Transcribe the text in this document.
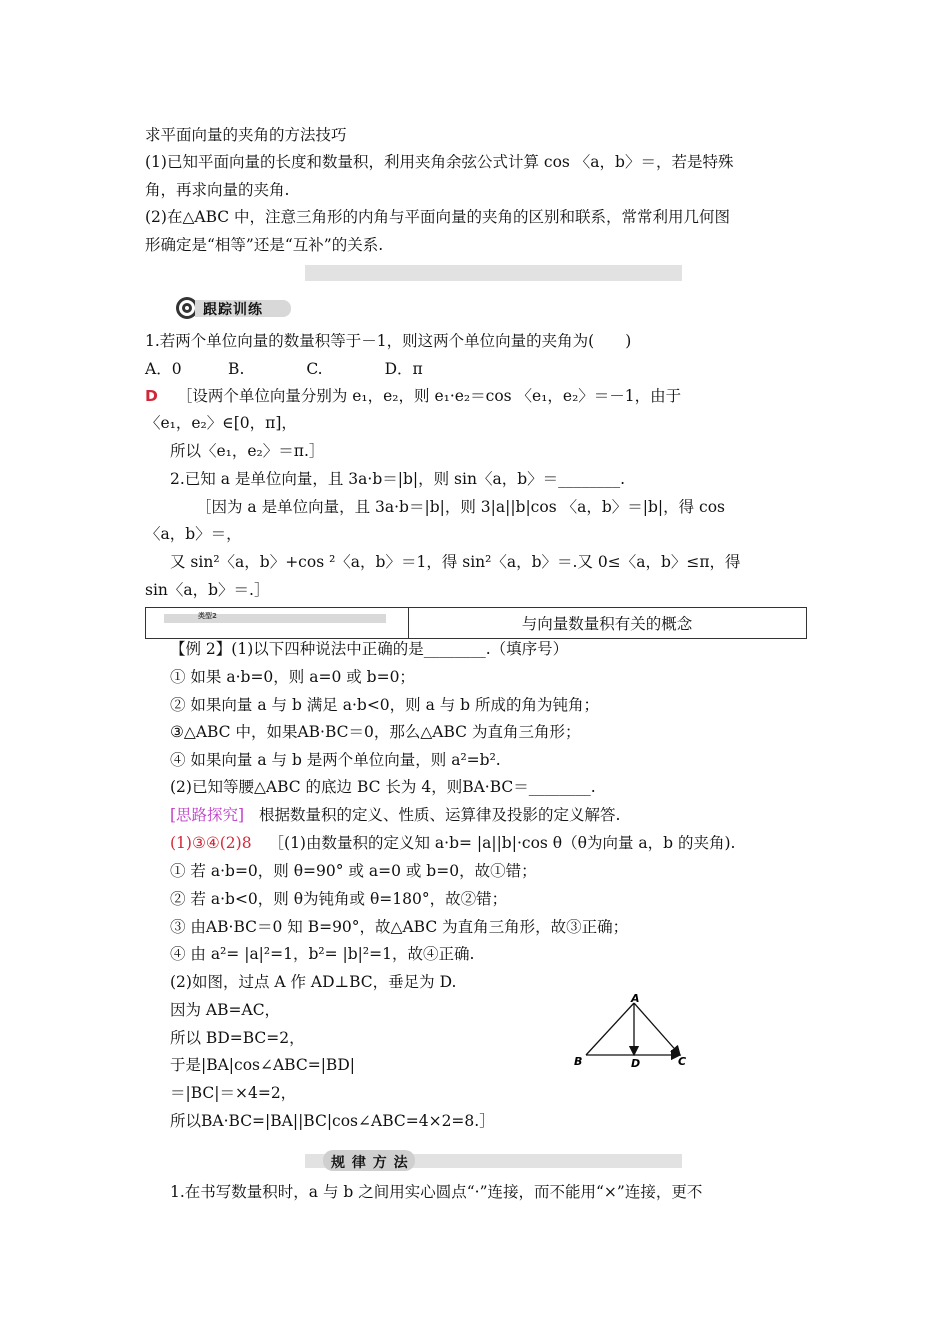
求平面向量的夹角的方法技巧
(1)已知平面向量的长度和数量积，利用夹角余弦公式计算 cos 〈a，b〉＝，若是特殊
角，再求向量的夹角.
(2)在△ABC 中，注意三角形的内角与平面向量的夹角的区别和联系，常常利用几何图
形确定是“相等”还是“互补”的关系.
跟踪训练
1.若两个单位向量的数量积等于－1，则这两个单位向量的夹角为(　　)
A．0　　　B.　　　　C.　　　　D．π
D ［设两个单位向量分别为 e₁，e₂，则 e₁·e₂＝cos 〈e₁，e₂〉＝－1，由于
〈e₁，e₂〉∈[0，π]，
所以〈e₁，e₂〉＝π.］
2.已知 a 是单位向量，且 3a·b＝|b|，则 sin〈a，b〉＝________.
［因为 a 是单位向量，且 3a·b＝|b|，则 3|a||b|cos 〈a，b〉＝|b|，得 cos
〈a，b〉＝，
又 sin²〈a，b〉+cos ²〈a，b〉＝1，得 sin²〈a，b〉＝.又 0≤〈a，b〉≤π，得
sin〈a，b〉＝.］
类型2	与向量数量积有关的概念
【例 2】(1)以下四种说法中正确的是________.（填序号）
① 如果 a·b=0，则 a=0 或 b=0；
② 如果向量 a 与 b 满足 a·b<0，则 a 与 b 所成的角为钝角；
③△ABC 中，如果AB·BC＝0，那么△ABC 为直角三角形；
④ 如果向量 a 与 b 是两个单位向量，则 a²=b².
(2)已知等腰△ABC 的底边 BC 长为 4，则BA·BC＝________.
[思路探究] 根据数量积的定义、性质、运算律及投影的定义解答.
(1)③④(2)8 ［(1)由数量积的定义知 a·b= |a||b|·cos θ（θ为向量 a，b 的夹角).
① 若 a·b=0，则 θ=90° 或 a=0 或 b=0，故①错；
② 若 a·b<0，则 θ为钝角或 θ=180°，故②错；
③ 由AB·BC＝0 知 B=90°，故△ABC 为直角三角形，故③正确；
④ 由 a²= |a|²=1，b²= |b|²=1，故④正确.
(2)如图，过点 A 作 AD⊥BC，垂足为 D.
因为 AB=AC，
所以 BD=BC=2，
于是|BA|cos∠ABC=|BD|
＝|BC|＝×4=2，
所以BA·BC=|BA||BC|cos∠ABC=4×2=8.］
A
B	D	C
规 律 方 法
1.在书写数量积时，a 与 b 之间用实心圆点“·”连接，而不能用“×”连接，更不
